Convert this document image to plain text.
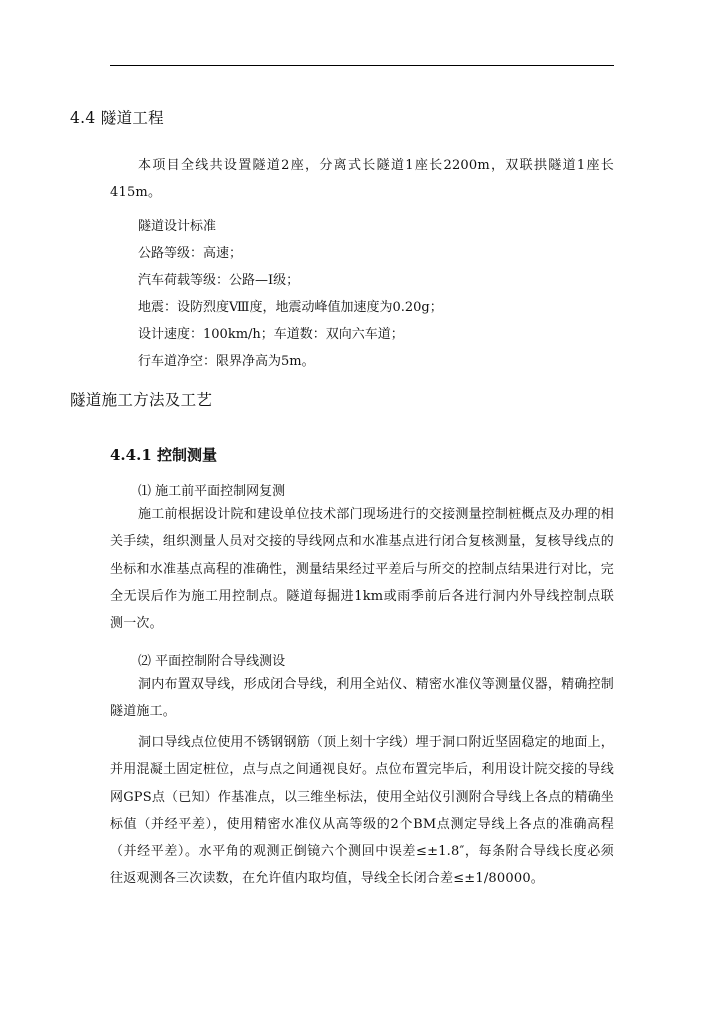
4.4 隧道工程
本项目全线共设置隧道2座，分离式长隧道1座长2200m，双联拱隧道1座长415m。
隧道设计标准
公路等级：高速；
汽车荷载等级：公路—Ⅰ级；
地震：设防烈度Ⅷ度，地震动峰值加速度为0.20g；
设计速度：100km/h；车道数：双向六车道；
行车道净空：限界净高为5m。
隧道施工方法及工艺
4.4.1 控制测量
⑴ 施工前平面控制网复测
施工前根据设计院和建设单位技术部门现场进行的交接测量控制桩概点及办理的相关手续，组织测量人员对交接的导线网点和水准基点进行闭合复核测量，复核导线点的坐标和水准基点高程的准确性，测量结果经过平差后与所交的控制点结果进行对比，完全无误后作为施工用控制点。隧道每掘进1km或雨季前后各进行洞内外导线控制点联测一次。
⑵ 平面控制附合导线测设
洞内布置双导线，形成闭合导线，利用全站仪、精密水准仪等测量仪器，精确控制隧道施工。
洞口导线点位使用不锈钢钢筋（顶上刻十字线）埋于洞口附近坚固稳定的地面上，并用混凝土固定桩位，点与点之间通视良好。点位布置完毕后，利用设计院交接的导线网GPS点（已知）作基准点，以三维坐标法，使用全站仪引测附合导线上各点的精确坐标值（并经平差），使用精密水准仪从高等级的2个BM点测定导线上各点的准确高程（并经平差）。水平角的观测正倒镜六个测回中误差≤±1.8″，每条附合导线长度必须往返观测各三次读数，在允许值内取均值，导线全长闭合差≤±1/80000。
